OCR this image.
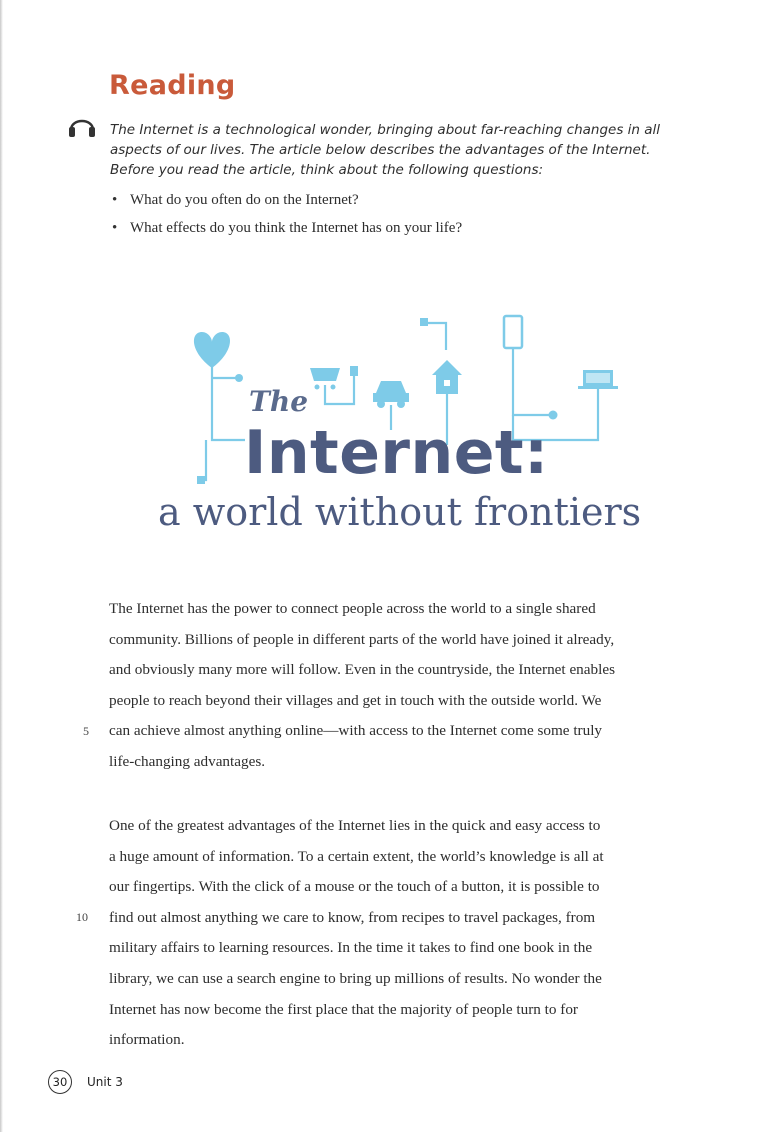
Reading

The Internet is a technological wonder, bringing about far-reaching changes in all aspects of our lives. The article below describes the advantages of the Internet. Before you read the article, think about the following questions:

• What do you often do on the Internet?
• What effects do you think the Internet has on your life?
The
Internet:
a world without frontiers
The Internet has the power to connect people across the world to a single shared
community. Billions of people in different parts of the world have joined it already,
and obviously many more will follow. Even in the countryside, the Internet enables
people to reach beyond their villages and get in touch with the outside world. We
can achieve almost anything online—with access to the Internet come some truly
life-changing advantages.
5
One of the greatest advantages of the Internet lies in the quick and easy access to
a huge amount of information. To a certain extent, the world’s knowledge is all at
our fingertips. With the click of a mouse or the touch of a button, it is possible to
find out almost anything we care to know, from recipes to travel packages, from
military affairs to learning resources. In the time it takes to find one book in the
library, we can use a search engine to bring up millions of results. No wonder the
Internet has now become the first place that the majority of people turn to for
information.
10
30	Unit 3
